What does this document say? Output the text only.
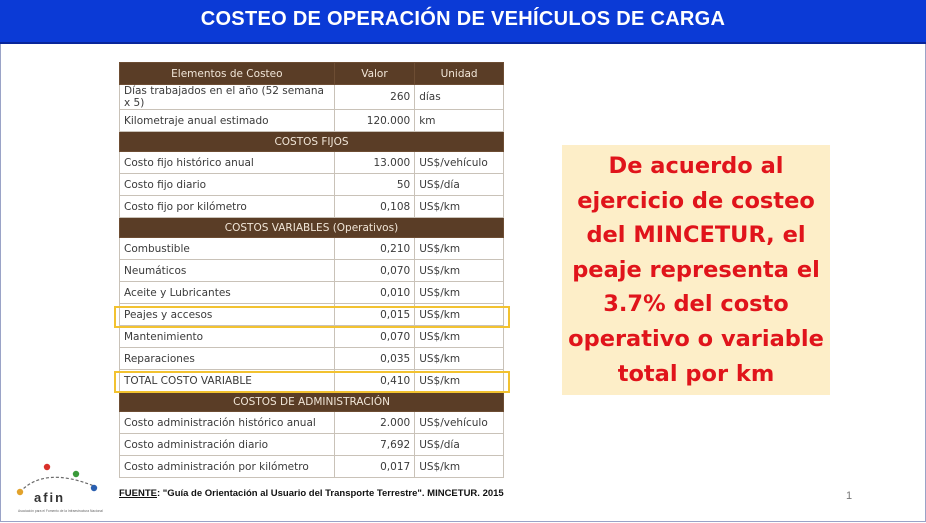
COSTEO DE OPERACIÓN DE VEHÍCULOS DE CARGA
Elementos de Costeo	Valor	Unidad
Días trabajados en el año (52 semana x 5)	260	días
Kilometraje anual estimado	120.000	km
COSTOS FIJOS		
Costo fijo histórico anual	13.000	US$/vehículo
Costo fijo diario	50	US$/día
Costo fijo por kilómetro	0,108	US$/km
COSTOS VARIABLES (Operativos)		
Combustible	0,210	US$/km
Neumáticos	0,070	US$/km
Aceite y Lubricantes	0,010	US$/km
Peajes y accesos	0,015	US$/km
Mantenimiento	0,070	US$/km
Reparaciones	0,035	US$/km
TOTAL COSTO VARIABLE	0,410	US$/km
COSTOS DE ADMINISTRACIÓN		
Costo administración histórico anual	2.000	US$/vehículo
Costo administración diario	7,692	US$/día
Costo administración por kilómetro	0,017	US$/km
De acuerdo al
ejercicio de costeo
del MINCETUR, el
peaje representa el
3.7% del costo
operativo o variable
total por km
afin
Asociación para el Fomento de la Infraestructura Nacional
FUENTE: "Guía de Orientación al Usuario del Transporte Terrestre". MINCETUR. 2015	1
